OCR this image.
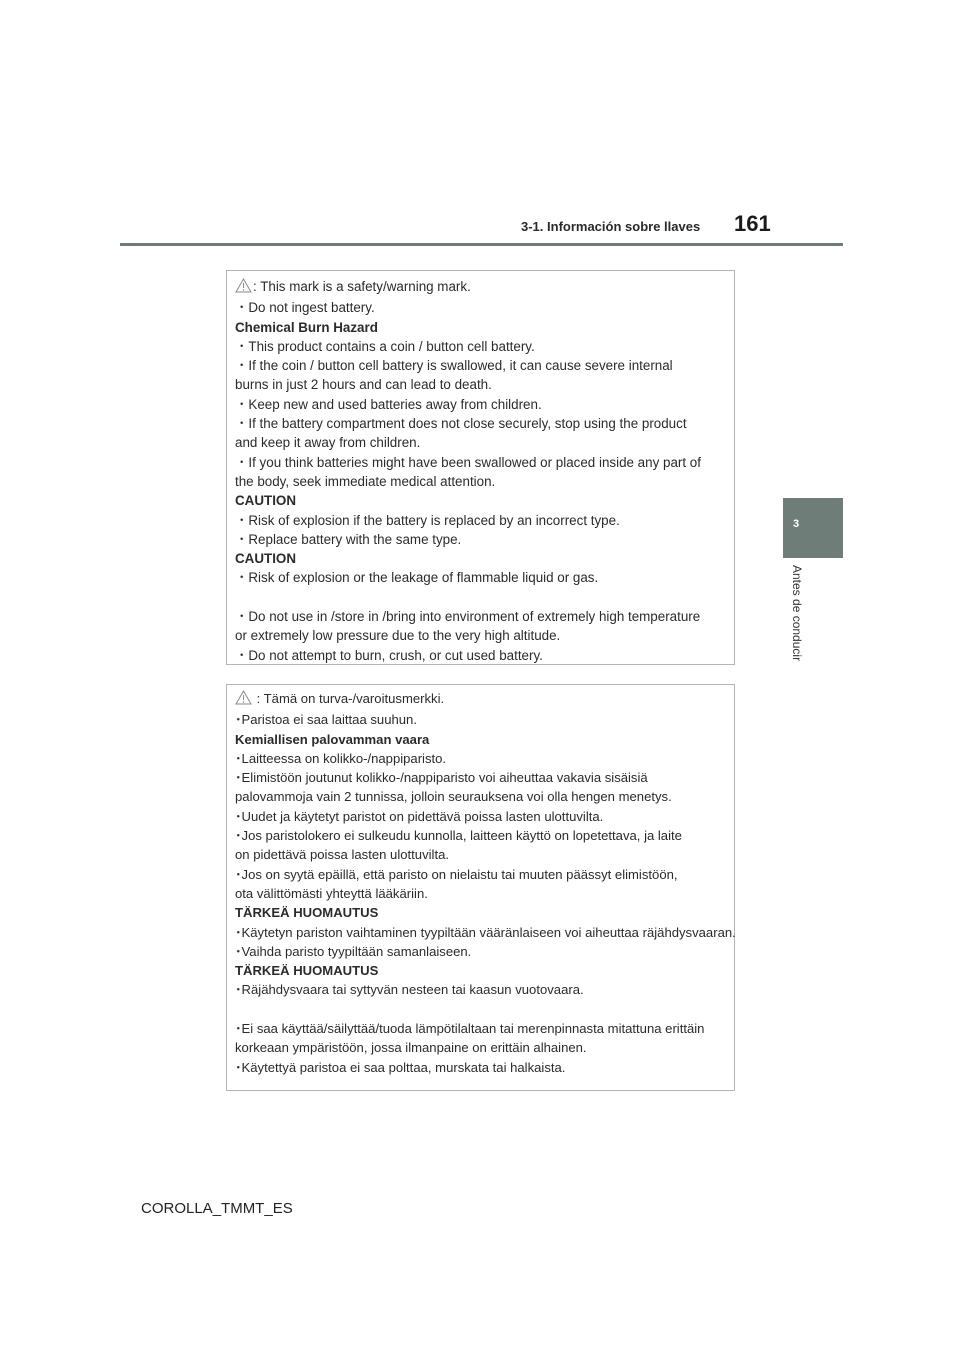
3-1. Información sobre llaves 161
3
Antes de conducir
: This mark is a safety/warning mark.
・Do not ingest battery.
Chemical Burn Hazard
・This product contains a coin / button cell battery.
・If the coin / button cell battery is swallowed, it can cause severe internal
burns in just 2 hours and can lead to death.
・Keep new and used batteries away from children.
・If the battery compartment does not close securely, stop using the product
and keep it away from children.
・If you think batteries might have been swallowed or placed inside any part of
the body, seek immediate medical attention.
CAUTION
・Risk of explosion if the battery is replaced by an incorrect type.
・Replace battery with the same type.
CAUTION
・Risk of explosion or the leakage of flammable liquid or gas.
・Do not use in /store in /bring into environment of extremely high temperature
or extremely low pressure due to the very high altitude.
・Do not attempt to burn, crush, or cut used battery.
: Tämä on turva-/varoitusmerkki.
･Paristoa ei saa laittaa suuhun.
Kemiallisen palovamman vaara
･Laitteessa on kolikko-/nappiparisto.
･Elimistöön joutunut kolikko-/nappiparisto voi aiheuttaa vakavia sisäisiä
palovammoja vain 2 tunnissa, jolloin seurauksena voi olla hengen menetys.
･Uudet ja käytetyt paristot on pidettävä poissa lasten ulottuvilta.
･Jos paristolokero ei sulkeudu kunnolla, laitteen käyttö on lopetettava, ja laite
on pidettävä poissa lasten ulottuvilta.
･Jos on syytä epäillä, että paristo on nielaistu tai muuten päässyt elimistöön,
ota välittömästi yhteyttä lääkäriin.
TÄRKEÄ HUOMAUTUS
･Käytetyn pariston vaihtaminen tyypiltään vääränlaiseen voi aiheuttaa räjähdysvaaran.
･Vaihda paristo tyypiltään samanlaiseen.
TÄRKEÄ HUOMAUTUS
･Räjähdysvaara tai syttyvän nesteen tai kaasun vuotovaara.
･Ei saa käyttää/säilyttää/tuoda lämpötilaltaan tai merenpinnasta mitattuna erittäin
korkeaan ympäristöön, jossa ilmanpaine on erittäin alhainen.
･Käytettyä paristoa ei saa polttaa, murskata tai halkaista.
COROLLA_TMMT_ES
